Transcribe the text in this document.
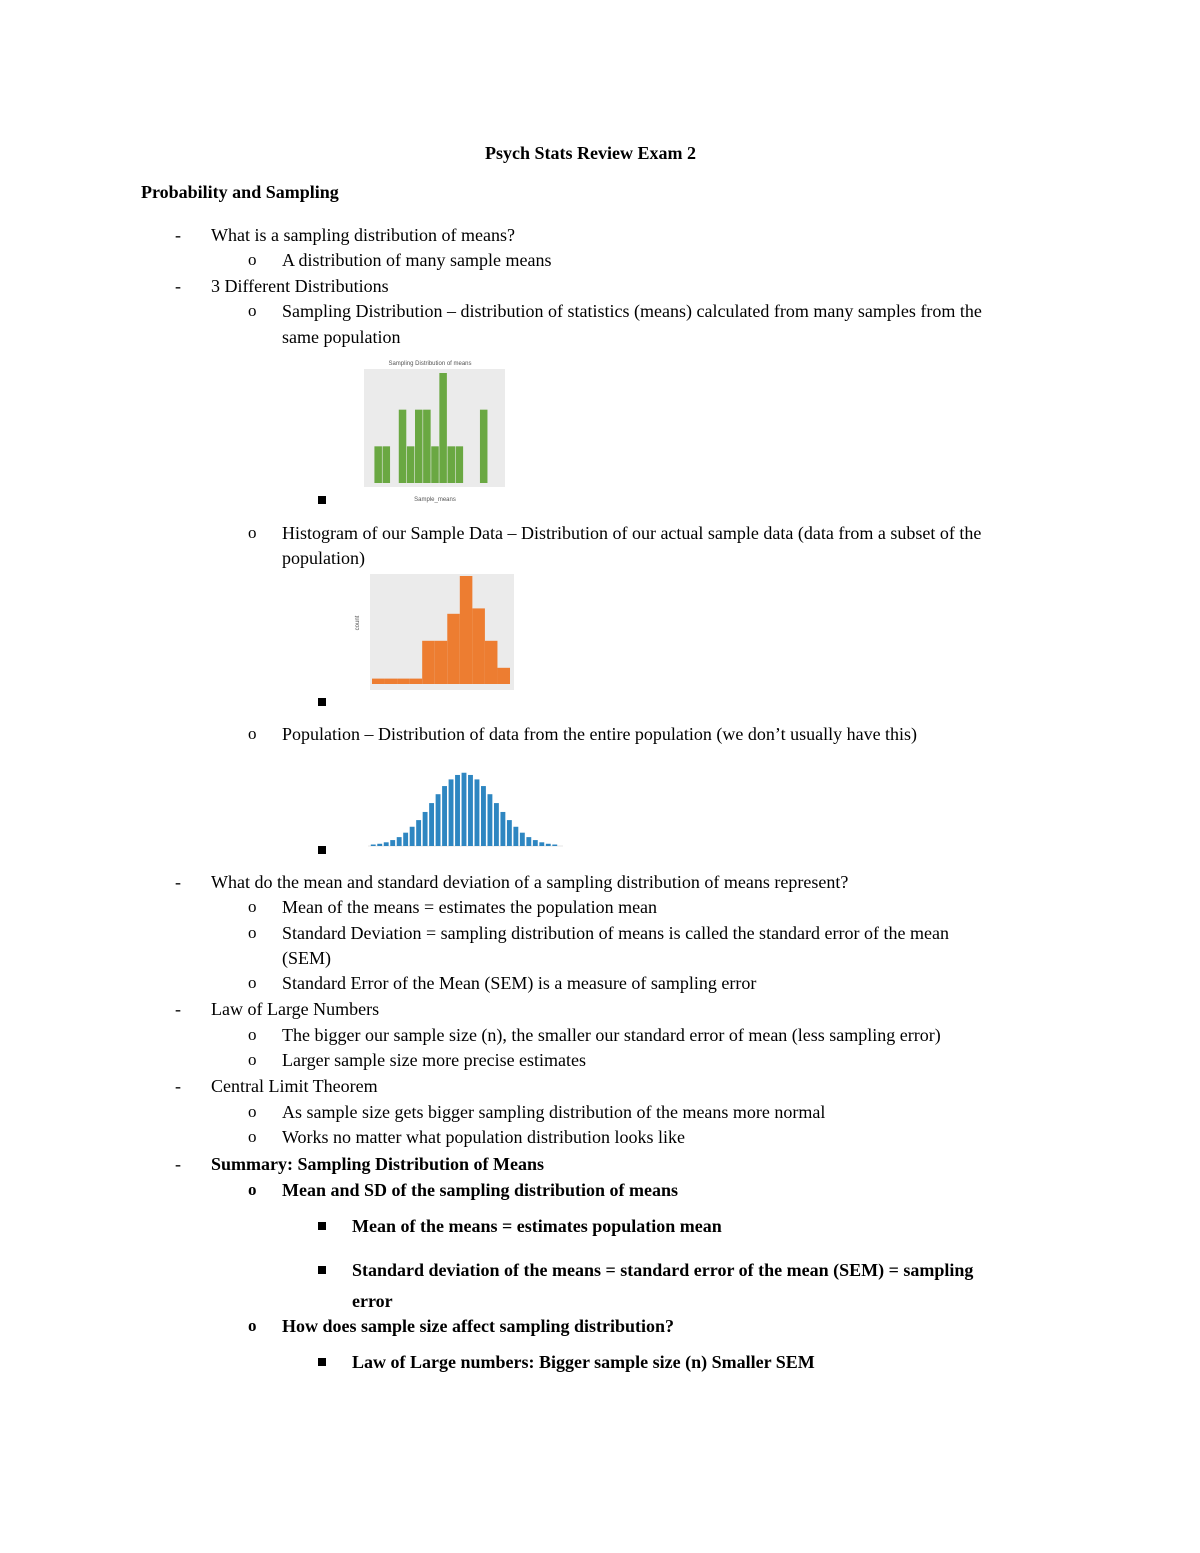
Psych Stats Review Exam 2
Probability and Sampling
- What is a sampling distribution of means?
o A distribution of many sample means
- 3 Different Distributions
o Sampling Distribution – distribution of statistics (means) calculated from many samples from the
same population
Sampling Distribution of means
Sample_means
o Histogram of our Sample Data – Distribution of our actual sample data (data from a subset of the
population)
count
o Population – Distribution of data from the entire population (we don’t usually have this)
- What do the mean and standard deviation of a sampling distribution of means represent?
o Mean of the means = estimates the population mean
o Standard Deviation = sampling distribution of means is called the standard error of the mean
(SEM)
o Standard Error of the Mean (SEM) is a measure of sampling error
- Law of Large Numbers
o The bigger our sample size (n), the smaller our standard error of mean (less sampling error)
o Larger sample size more precise estimates
- Central Limit Theorem
o As sample size gets bigger sampling distribution of the means more normal
o Works no matter what population distribution looks like
- Summary: Sampling Distribution of Means
o Mean and SD of the sampling distribution of means
Mean of the means = estimates population mean
Standard deviation of the means = standard error of the mean (SEM) = sampling
error
o How does sample size affect sampling distribution?
Law of Large numbers: Bigger sample size (n) Smaller SEM
